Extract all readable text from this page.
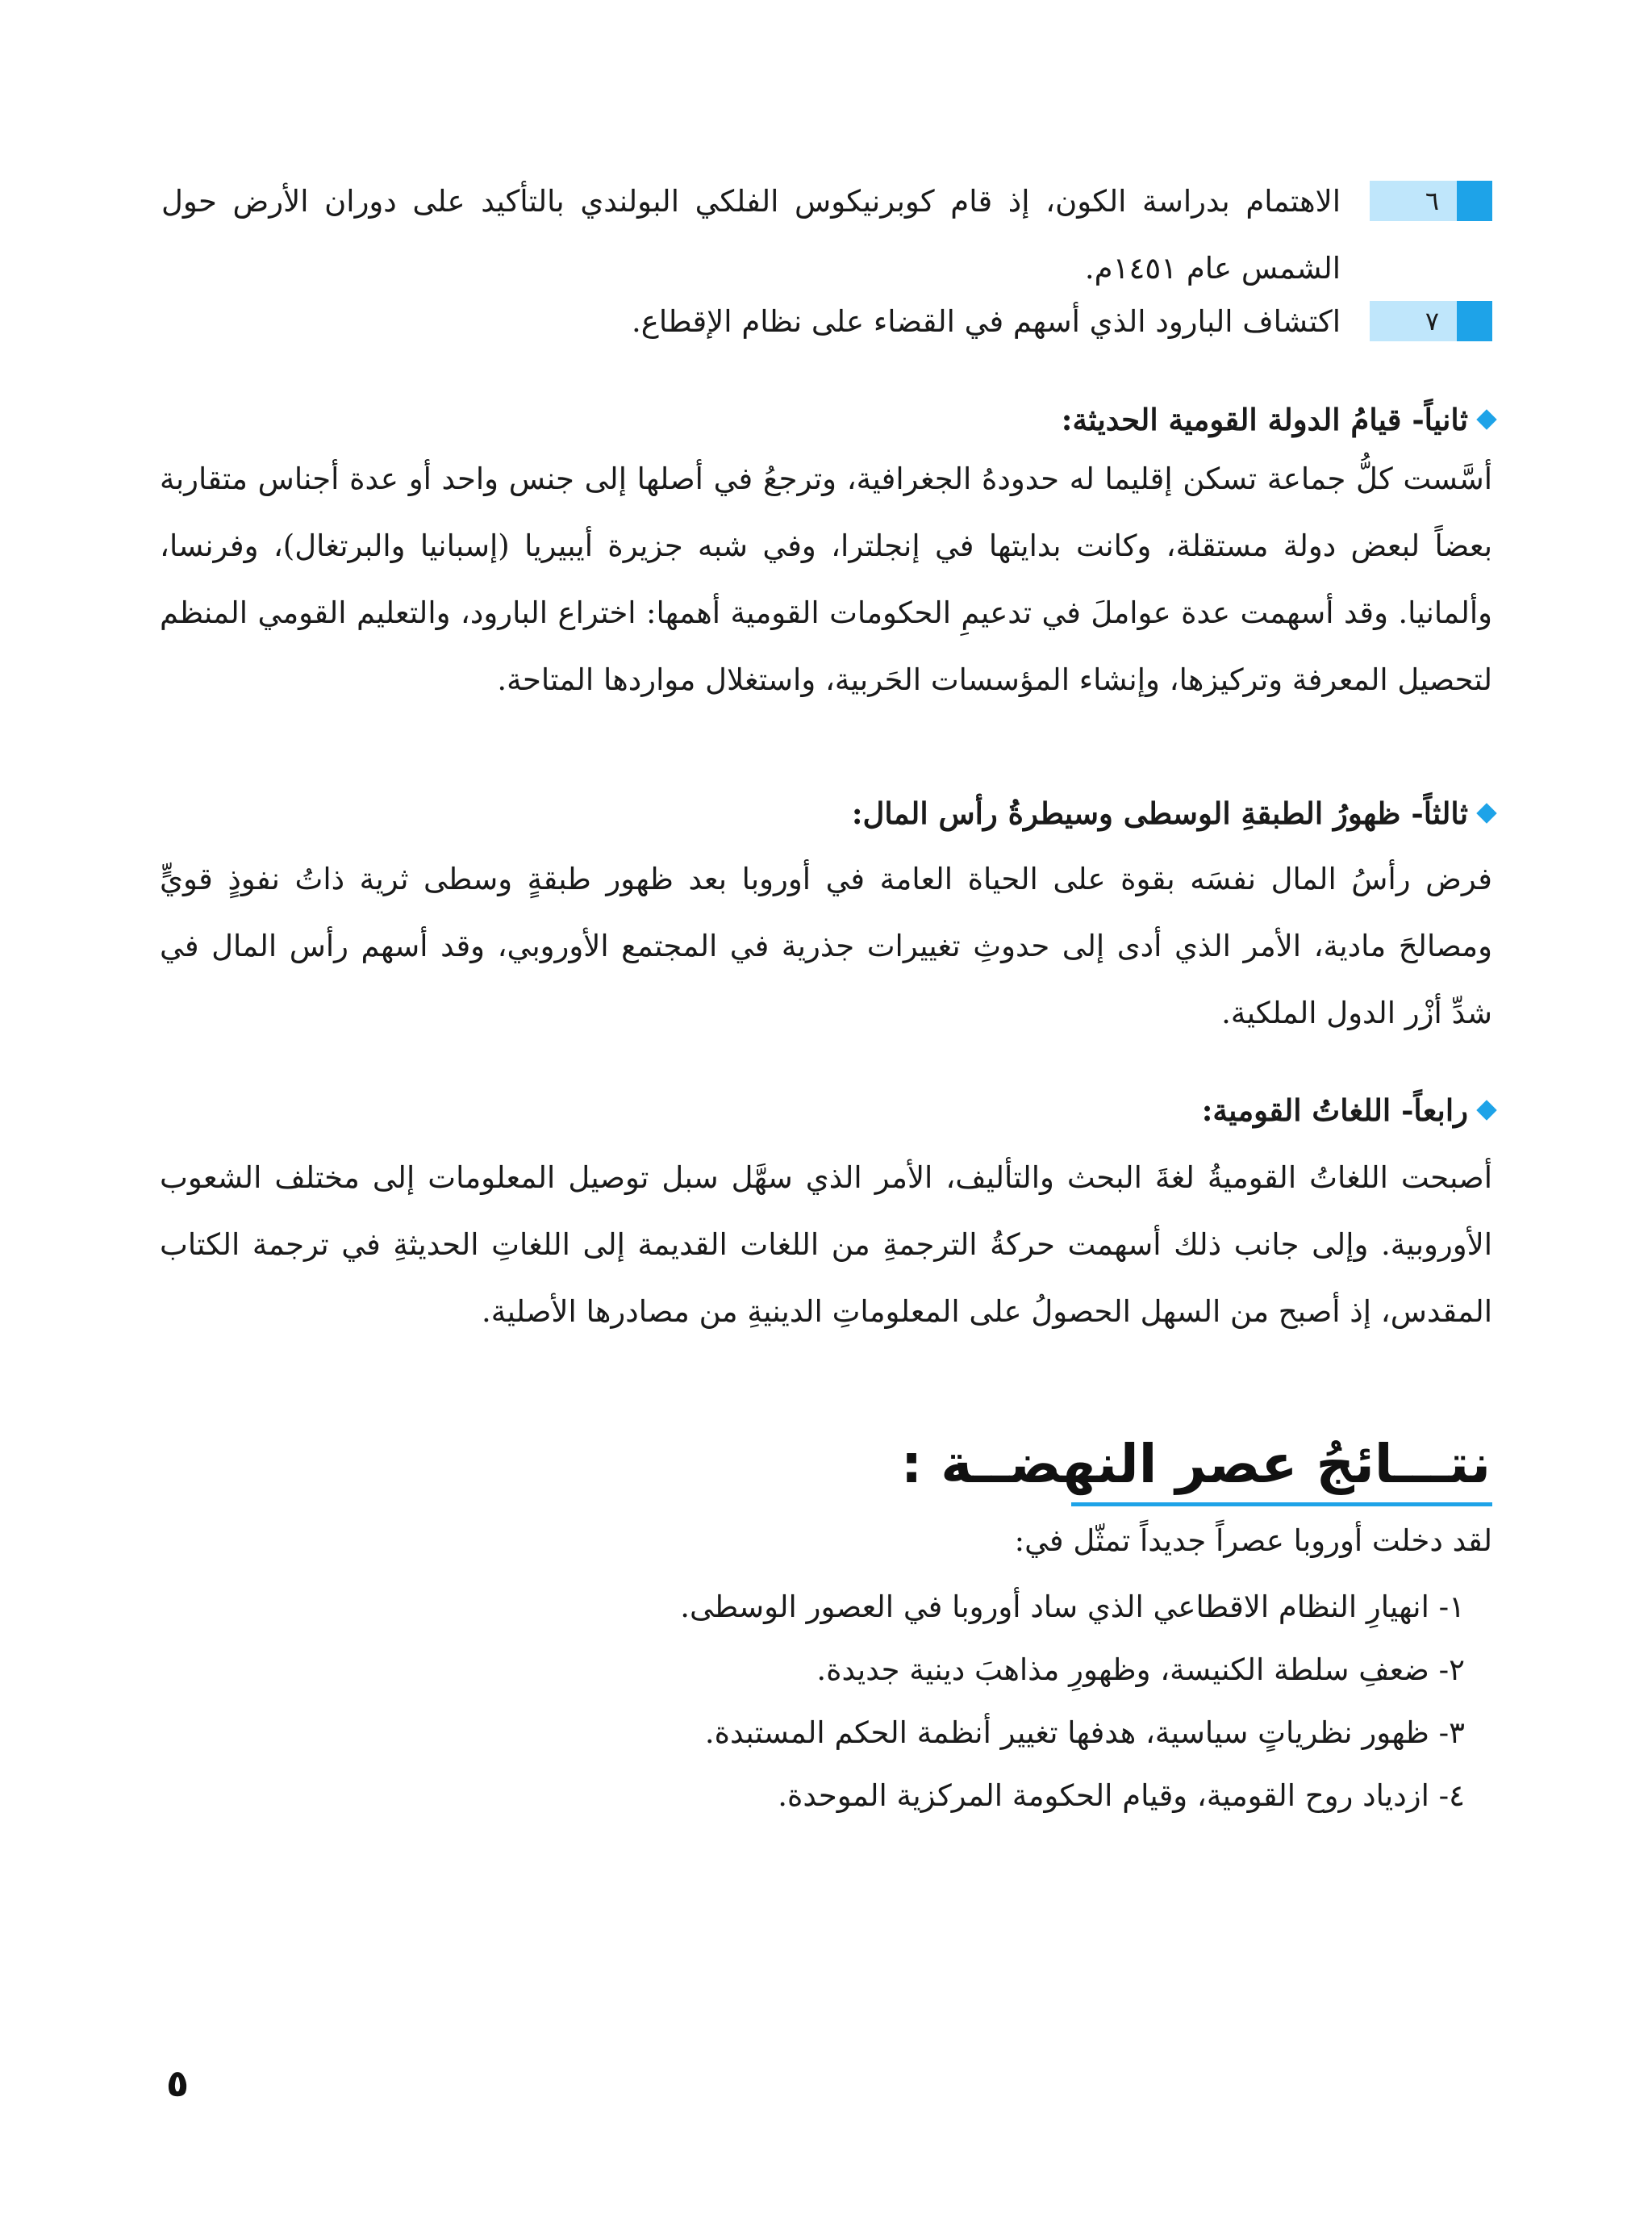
٦
الاهتمام بدراسة الكون، إذ قام كوبرنيكوس الفلكي البولندي بالتأكيد على دوران الأرض حول الشمس عام ١٤٥١م.
٧
اكتشاف البارود الذي أسهم في القضاء على نظام الإقطاع.
ثانياً- قيامُ الدولة القومية الحديثة:
أسَّست كلُّ جماعة تسكن إقليما له حدودهُ الجغرافية، وترجعُ في أصلها إلى جنس واحد أو عدة أجناس متقاربة بعضاً لبعض دولة مستقلة، وكانت بدايتها في إنجلترا، وفي شبه جزيرة أيبيريا (إسبانيا والبرتغال)، وفرنسا، وألمانيا. وقد أسهمت عدة عواملَ في تدعيمِ الحكومات القومية أهمها: اختراع البارود، والتعليم القومي المنظم لتحصيل المعرفة وتركيزها، وإنشاء المؤسسات الحَربية، واستغلال مواردها المتاحة.
ثالثاً- ظهورُ الطبقةِ الوسطى وسيطرةُ رأس المال:
فرض رأسُ المال نفسَه بقوة على الحياة العامة في أوروبا بعد ظهور طبقةٍ وسطى ثرية ذاتُ نفوذٍ قويٍّ ومصالحَ مادية، الأمر الذي أدى إلى حدوثِ تغييرات جذرية في المجتمع الأوروبي، وقد أسهم رأس المال في شدِّ أزْر الدول الملكية.
رابعاً- اللغاتُ القومية:
أصبحت اللغاتُ القوميةُ لغةَ البحث والتأليف، الأمر الذي سهَّل سبل توصيل المعلومات إلى مختلف الشعوب الأوروبية. وإلى جانب ذلك أسهمت حركةُ الترجمةِ من اللغات القديمة إلى اللغاتِ الحديثةِ في ترجمة الكتاب المقدس، إذ أصبح من السهل الحصولُ على المعلوماتِ الدينيةِ من مصادرها الأصلية.
نتـــائجُ عصر النهضــة :
لقد دخلت أوروبا عصراً جديداً تمثّل في:
١- انهيارِ النظام الاقطاعي الذي ساد أوروبا في العصور الوسطى.
٢- ضعفِ سلطة الكنيسة، وظهورِ مذاهبَ دينية جديدة.
٣- ظهور نظرياتٍ سياسية، هدفها تغيير أنظمة الحكم المستبدة.
٤- ازدياد روح القومية، وقيام الحكومة المركزية الموحدة.
٥
